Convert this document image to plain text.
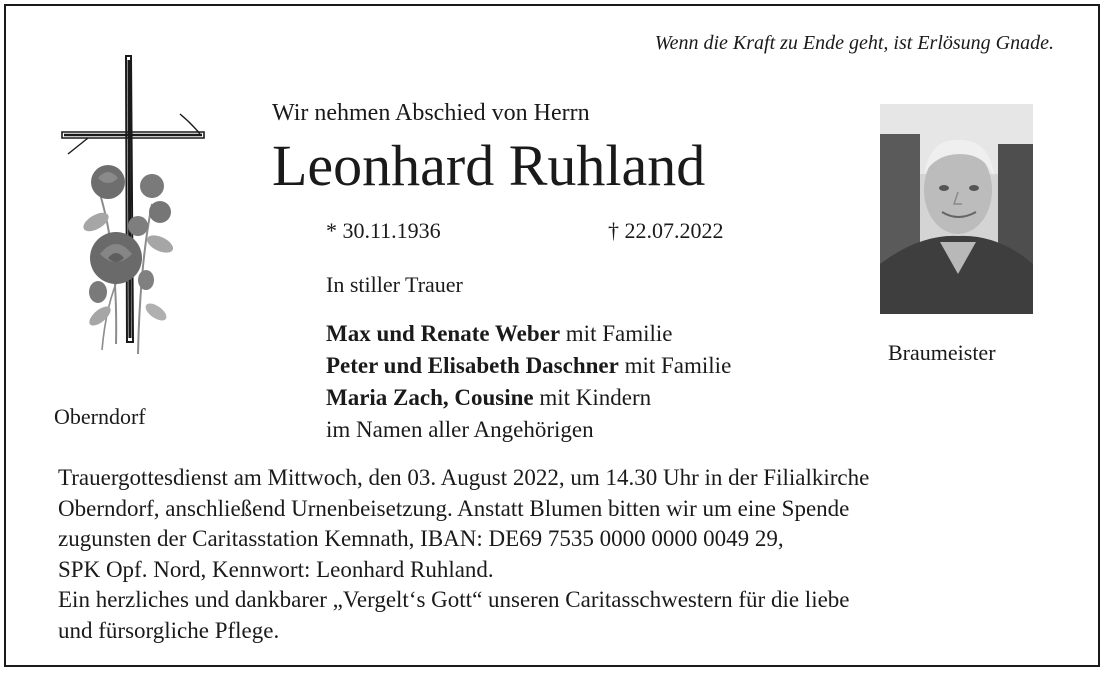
Wenn die Kraft zu Ende geht, ist Erlösung Gnade.
Oberndorf
Wir nehmen Abschied von Herrn
Leonhard Ruhland
* 30.11.1936	† 22.07.2022
In stiller Trauer
Max und Renate Weber mit Familie
Peter und Elisabeth Daschner mit Familie
Maria Zach, Cousine mit Kindern
im Namen aller Angehörigen
Braumeister
Trauergottesdienst am Mittwoch, den 03. August 2022, um 14.30 Uhr in der Filialkirche
Oberndorf, anschließend Urnenbeisetzung. Anstatt Blumen bitten wir um eine Spende
zugunsten der Caritasstation Kemnath, IBAN: DE69 7535 0000 0000 0049 29,
SPK Opf. Nord, Kennwort: Leonhard Ruhland.
Ein herzliches und dankbarer „Vergelt‘s Gott“ unseren Caritasschwestern für die liebe
und fürsorgliche Pflege.
